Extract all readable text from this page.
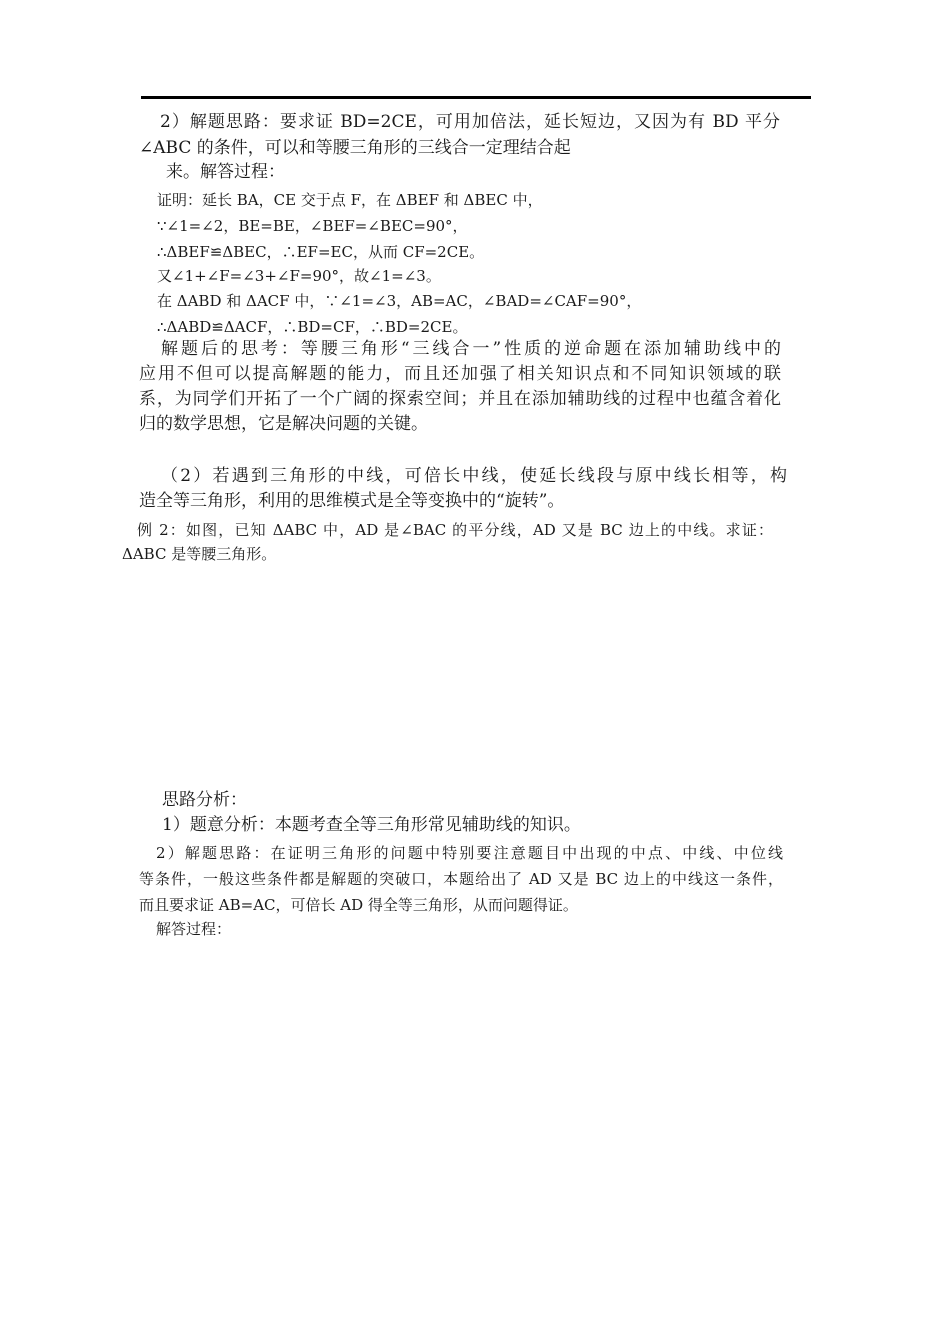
2）解题思路：要求证 BD=2CE，可用加倍法，延长短边，又因为有 BD 平分
∠ABC 的条件，可以和等腰三角形的三线合一定理结合起
来。解答过程：
证明：延长 BA，CE 交于点 F，在 ΔBEF 和 ΔBEC 中，
∵∠1=∠2，BE=BE，∠BEF=∠BEC=90°，
∴ΔBEF≌ΔBEC，∴EF=EC，从而 CF=2CE。
又∠1+∠F=∠3+∠F=90°，故∠1=∠3。
在 ΔABD 和 ΔACF 中，∵∠1=∠3，AB=AC，∠BAD=∠CAF=90°，
∴ΔABD≌ΔACF，∴BD=CF，∴BD=2CE。
解题后的思考：等腰三角形“三线合一”性质的逆命题在添加辅助线中的
应用不但可以提高解题的能力，而且还加强了相关知识点和不同知识领域的联
系，为同学们开拓了一个广阔的探索空间；并且在添加辅助线的过程中也蕴含着化
归的数学思想，它是解决问题的关键。
（2）若遇到三角形的中线，可倍长中线，使延长线段与原中线长相等，构
造全等三角形，利用的思维模式是全等变换中的“旋转”。
例 2：如图，已知 ΔABC 中，AD 是∠BAC 的平分线，AD 又是 BC 边上的中线。求证：
ΔABC 是等腰三角形。
思路分析：
1）题意分析：本题考查全等三角形常见辅助线的知识。
2）解题思路：在证明三角形的问题中特别要注意题目中出现的中点、中线、中位线
等条件，一般这些条件都是解题的突破口，本题给出了 AD 又是 BC 边上的中线这一条件，
而且要求证 AB=AC，可倍长 AD 得全等三角形，从而问题得证。
解答过程：
